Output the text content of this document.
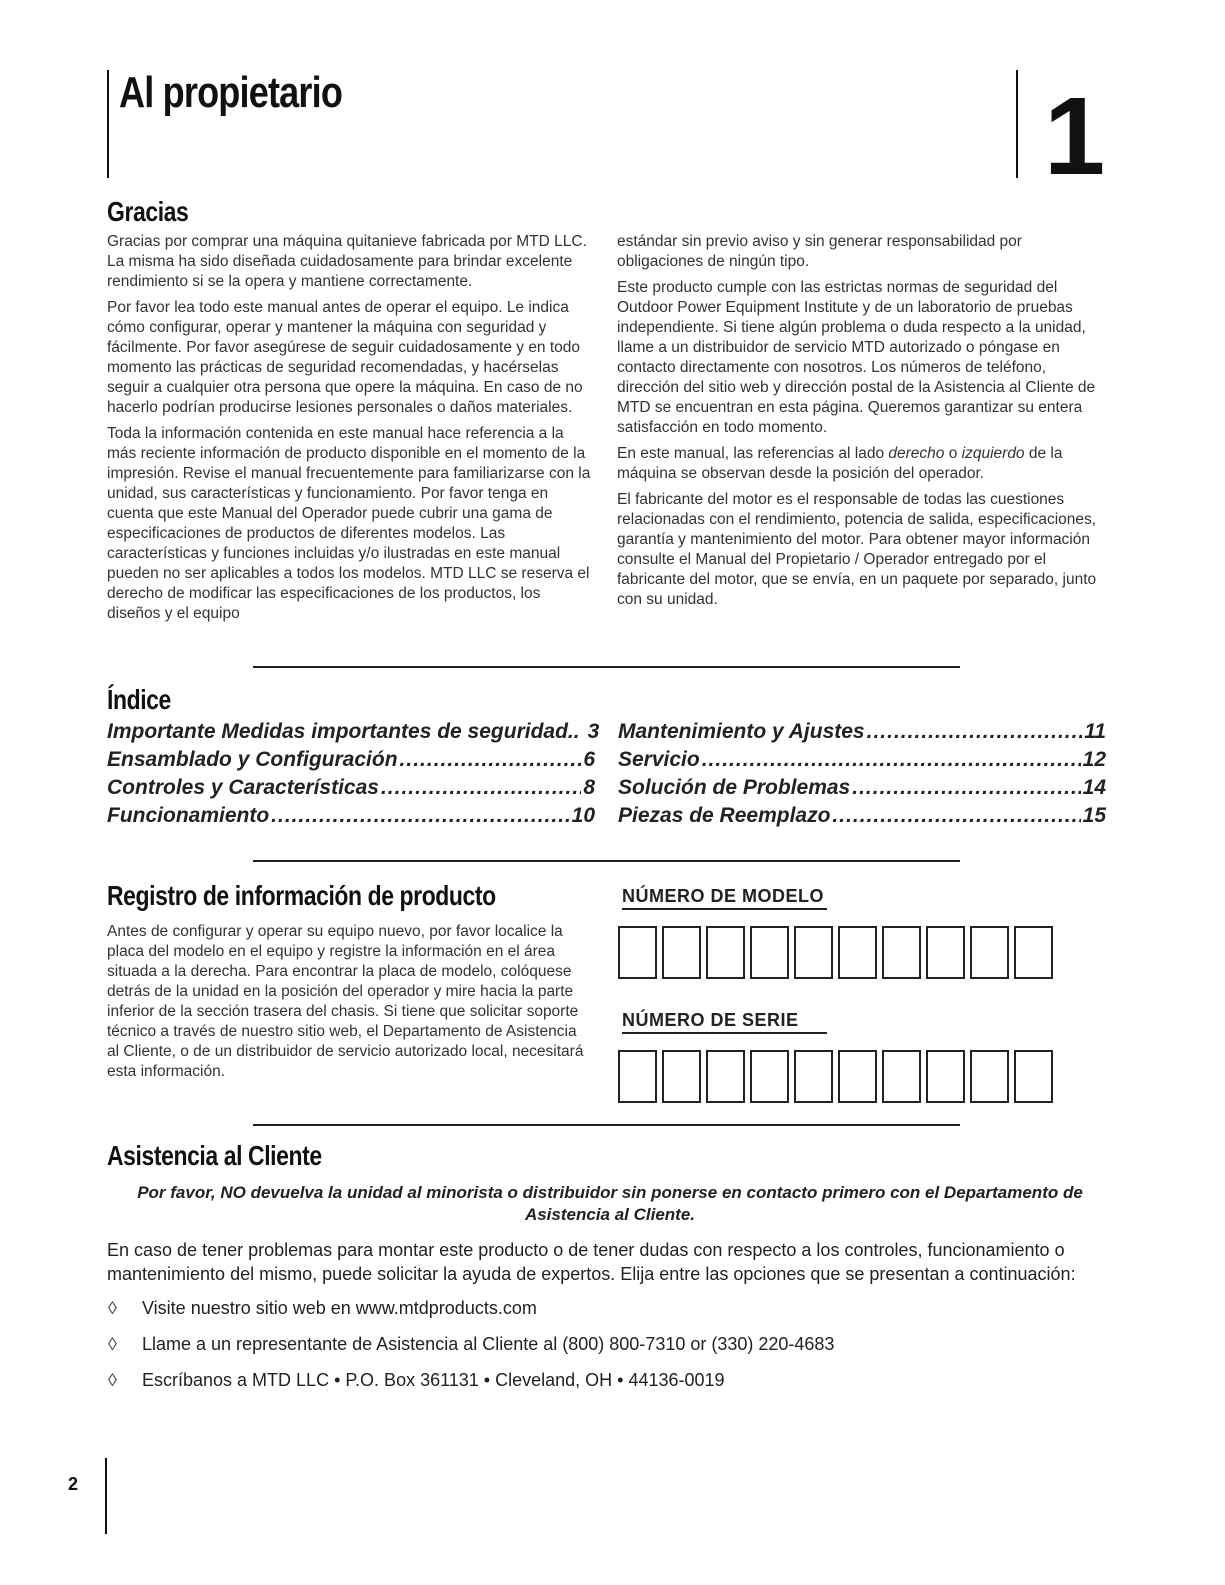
Al propietario	1
Gracias

Gracias por comprar una máquina quitanieve fabricada por MTD LLC. La misma ha sido diseñada cuidadosamente para brindar excelente rendimiento si se la opera y mantiene correctamente.

Por favor lea todo este manual antes de operar el equipo. Le indica cómo configurar, operar y mantener la máquina con seguridad y fácilmente. Por favor asegúrese de seguir cuidadosamente y en todo momento las prácticas de seguridad recomendadas, y hacérselas seguir a cualquier otra persona que opere la máquina. En caso de no hacerlo podrían producirse lesiones personales o daños materiales.

Toda la información contenida en este manual hace referencia a la más reciente información de producto disponible en el momento de la impresión. Revise el manual frecuentemente para familiarizarse con la unidad, sus características y funcionamiento. Por favor tenga en cuenta que este Manual del Operador puede cubrir una gama de especificaciones de productos de diferentes modelos. Las características y funciones incluidas y/o ilustradas en este manual pueden no ser aplicables a todos los modelos. MTD LLC se reserva el derecho de modificar las especificaciones de los productos, los diseños y el equipo

estándar sin previo aviso y sin generar responsabilidad por obligaciones de ningún tipo.

Este producto cumple con las estrictas normas de seguridad del Outdoor Power Equipment Institute y de un laboratorio de pruebas independiente. Si tiene algún problema o duda respecto a la unidad, llame a un distribuidor de servicio MTD autorizado o póngase en contacto directamente con nosotros. Los números de teléfono, dirección del sitio web y dirección postal de la Asistencia al Cliente de MTD se encuentran en esta página. Queremos garantizar su entera satisfacción en todo momento.

En este manual, las referencias al lado derecho o izquierdo de la máquina se observan desde la posición del operador.

El fabricante del motor es el responsable de todas las cuestiones relacionadas con el rendimiento, potencia de salida, especificaciones, garantía y mantenimiento del motor. Para obtener mayor información consulte el Manual del Propietario / Operador entregado por el fabricante del motor, que se envía, en un paquete por separado, junto con su unidad.

Índice
Importante Medidas importantes de seguridad.. 3
Ensamblado y Configuración .....	6
Controles y Características .....	8
Funcionamiento .....	10
Mantenimiento y Ajustes .....	11
Servicio .....	12
Solución de Problemas .....	14
Piezas de Reemplazo .....	15
Registro de información de producto
Antes de configurar y operar su equipo nuevo, por favor localice la placa del modelo en el equipo y registre la información en el área situada a la derecha. Para encontrar la placa de modelo, colóquese detrás de la unidad en la posición del operador y mire hacia la parte inferior de la sección trasera del chasis. Si tiene que solicitar soporte técnico a través de nuestro sitio web, el Departamento de Asistencia al Cliente, o de un distribuidor de servicio autorizado local, necesitará esta información.
NÚMERO DE MODELO
NÚMERO DE SERIE
Asistencia al Cliente
Por favor, NO devuelva la unidad al minorista o distribuidor sin ponerse en contacto primero con el Departamento de Asistencia al Cliente.
En caso de tener problemas para montar este producto o de tener dudas con respecto a los controles, funcionamiento o mantenimiento del mismo, puede solicitar la ayuda de expertos. Elija entre las opciones que se presentan a continuación:
◊ Visite nuestro sitio web en www.mtdproducts.com
◊ Llame a un representante de Asistencia al Cliente al (800) 800-7310 or (330) 220-4683
◊ Escríbanos a MTD LLC • P.O. Box 361131 • Cleveland, OH • 44136-0019
2
